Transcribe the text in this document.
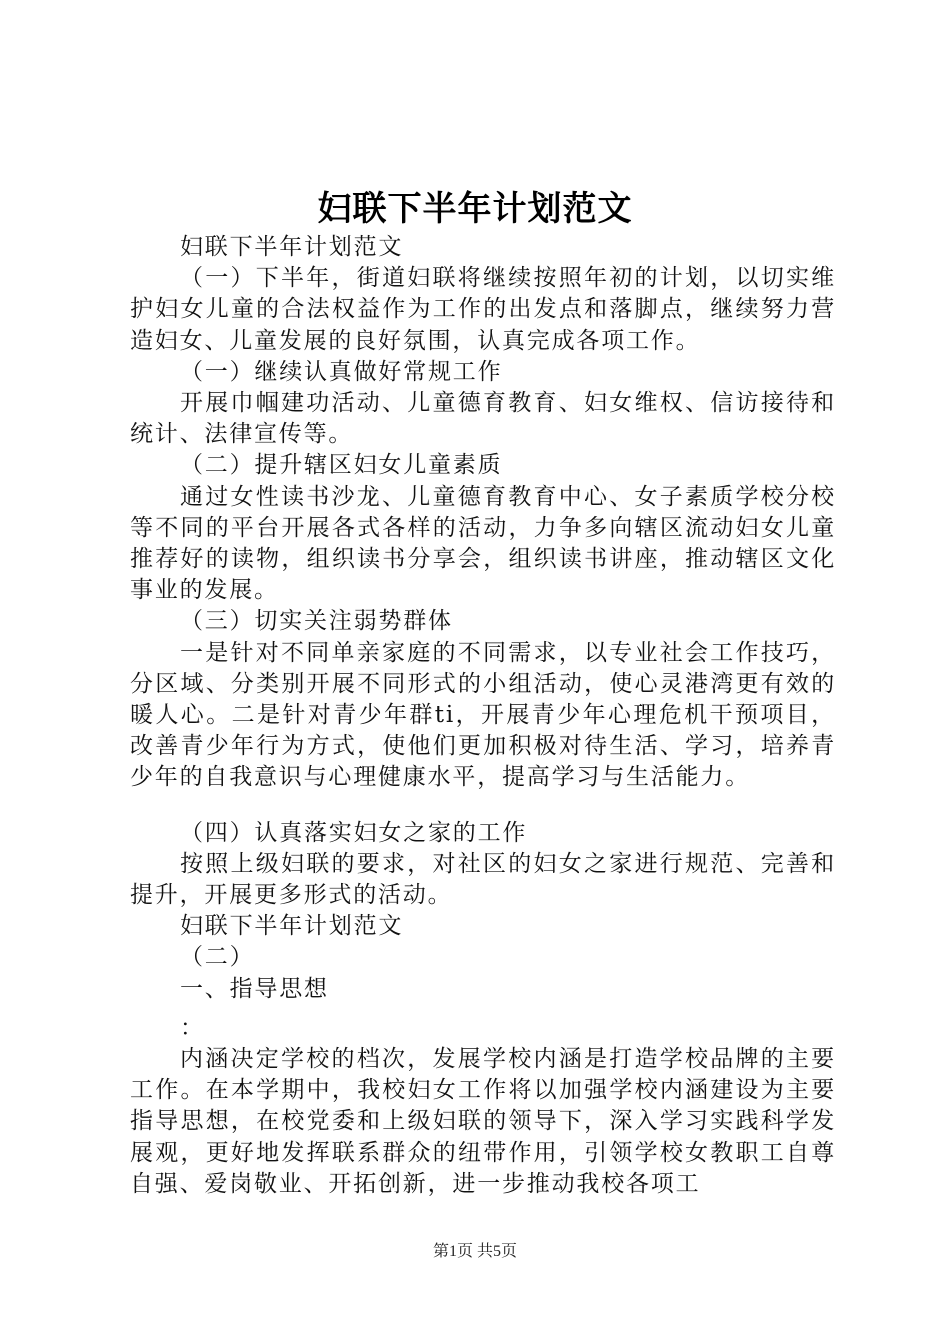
妇联下半年计划范文

妇联下半年计划范文

（一）下半年，街道妇联将继续按照年初的计划，以切实维护妇女儿童的合法权益作为工作的出发点和落脚点，继续努力营造妇女、儿童发展的良好氛围，认真完成各项工作。

（一）继续认真做好常规工作

开展巾帼建功活动、儿童德育教育、妇女维权、信访接待和统计、法律宣传等。

（二）提升辖区妇女儿童素质

通过女性读书沙龙、儿童德育教育中心、女子素质学校分校等不同的平台开展各式各样的活动，力争多向辖区流动妇女儿童推荐好的读物，组织读书分享会，组织读书讲座，推动辖区文化事业的发展。

（三）切实关注弱势群体

一是针对不同单亲家庭的不同需求，以专业社会工作技巧，分区域、分类别开展不同形式的小组活动，使心灵港湾更有效的暖人心。二是针对青少年群ti，开展青少年心理危机干预项目，改善青少年行为方式，使他们更加积极对待生活、学习，培养青少年的自我意识与心理健康水平，提高学习与生活能力。

（四）认真落实妇女之家的工作

按照上级妇联的要求，对社区的妇女之家进行规范、完善和提升，开展更多形式的活动。

妇联下半年计划范文

（二）

一、指导思想

：

内涵决定学校的档次，发展学校内涵是打造学校品牌的主要工作。在本学期中，我校妇女工作将以加强学校内涵建设为主要指导思想，在校党委和上级妇联的领导下，深入学习实践科学发展观，更好地发挥联系群众的纽带作用，引领学校女教职工自尊自强、爱岗敬业、开拓创新，进一步推动我校各项工

第1页 共5页
